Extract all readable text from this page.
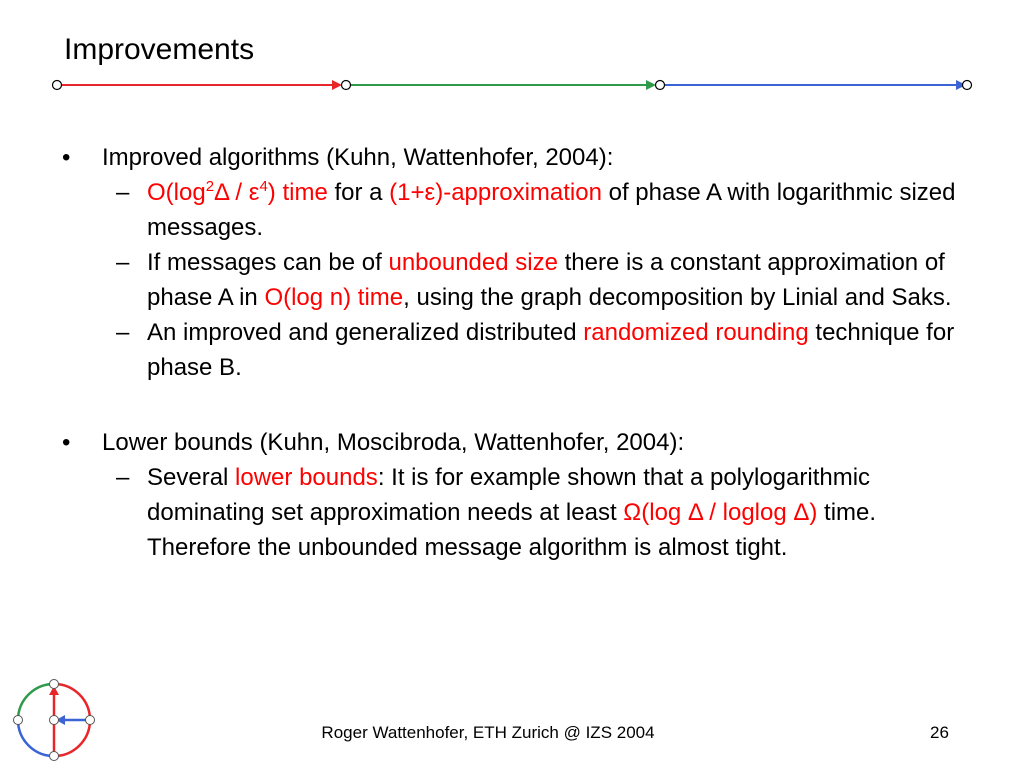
Improvements
• Improved algorithms (Kuhn, Wattenhofer, 2004):
– $O(\log^2\Delta / \varepsilon^4)$ time for a (1+ε)-approximation of phase A with logarithmic sized messages.
– If messages can be of unbounded size there is a constant approximation of phase A in O(log n) time, using the graph decomposition by Linial and Saks.
– An improved and generalized distributed randomized rounding technique for phase B.
• Lower bounds (Kuhn, Moscibroda, Wattenhofer, 2004):
– Several lower bounds: It is for example shown that a polylogarithmic dominating set approximation needs at least Ω(log Δ / loglog Δ) time. Therefore the unbounded message algorithm is almost tight.
Roger Wattenhofer, ETH Zurich @ IZS 2004	26
